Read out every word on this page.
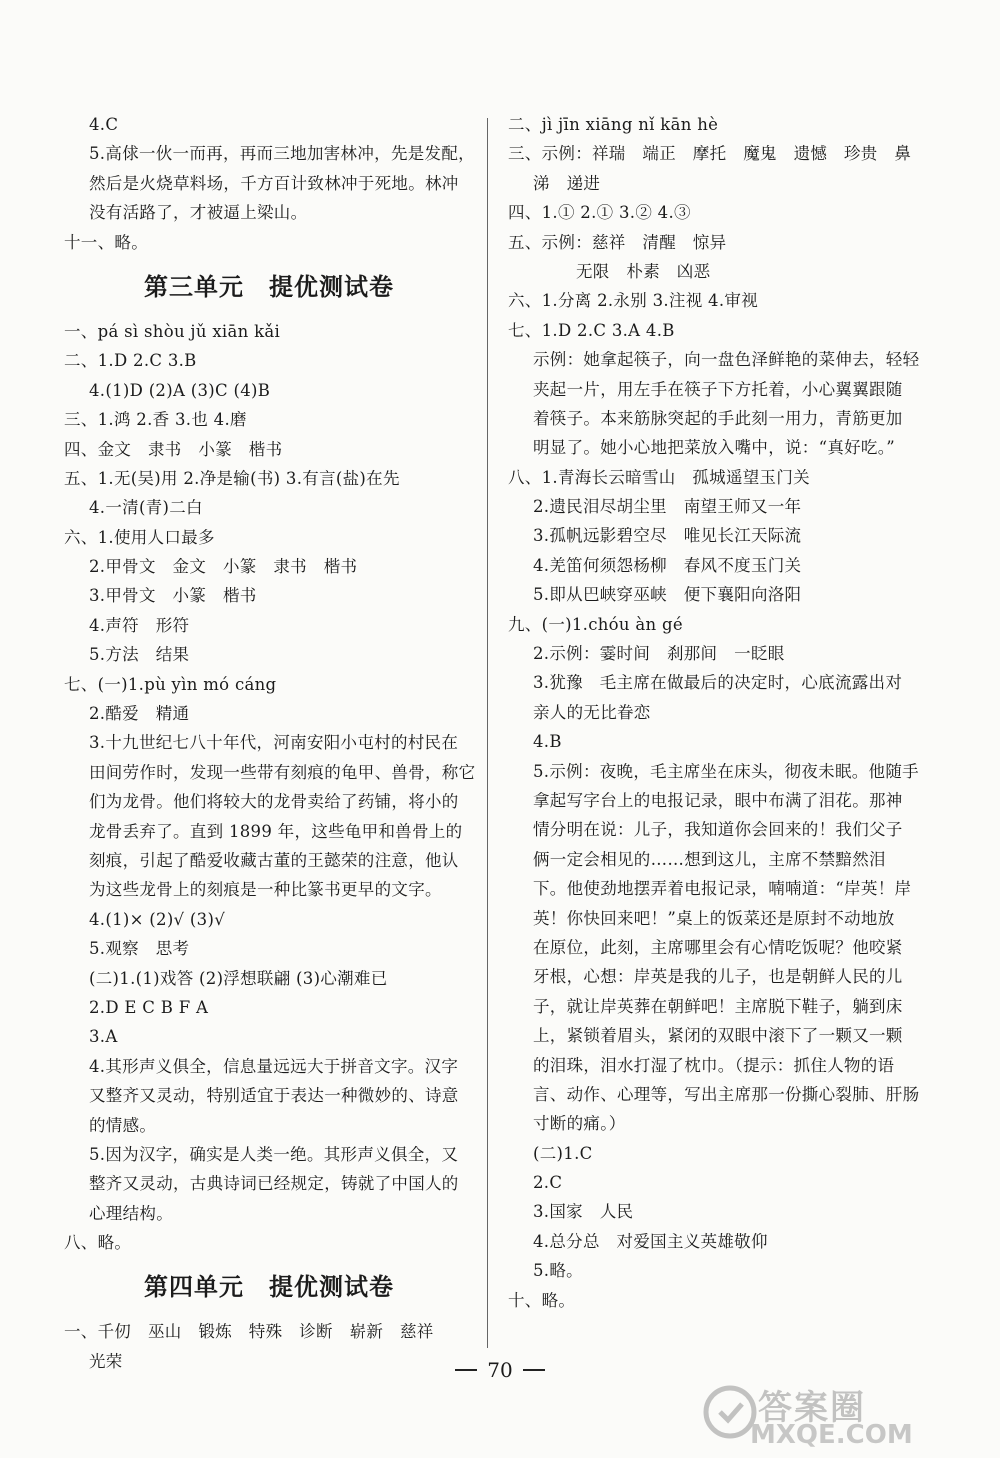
4.C
5.高俅一伙一而再，再而三地加害林冲，先是发配，
然后是火烧草料场，千方百计致林冲于死地。林冲
没有活路了，才被逼上梁山。
十一、略。
第三单元　提优测试卷
一、pá sì shòu jǔ xiān kǎi
二、1.D 2.C 3.B
4.(1)D (2)A (3)C (4)B
三、1.鸿 2.香 3.也 4.磨
四、金文　隶书　小篆　楷书
五、1.无(吴)用 2.净是输(书) 3.有言(盐)在先
4.一清(青)二白
六、1.使用人口最多
2.甲骨文　金文　小篆　隶书　楷书
3.甲骨文　小篆　楷书
4.声符　形符
5.方法　结果
七、(一)1.pù yìn mó cáng
2.酷爱　精通
3.十九世纪七八十年代，河南安阳小屯村的村民在
田间劳作时，发现一些带有刻痕的龟甲、兽骨，称它
们为龙骨。他们将较大的龙骨卖给了药铺，将小的
龙骨丢弃了。直到 1899 年，这些龟甲和兽骨上的
刻痕，引起了酷爱收藏古董的王懿荣的注意，他认
为这些龙骨上的刻痕是一种比篆书更早的文字。
4.(1)× (2)√ (3)√
5.观察　思考
(二)1.(1)戏答 (2)浮想联翩 (3)心潮难已
2.D E C B F A
3.A
4.其形声义俱全，信息量远远大于拼音文字。汉字
又整齐又灵动，特别适宜于表达一种微妙的、诗意
的情感。
5.因为汉字，确实是人类一绝。其形声义俱全，又
整齐又灵动，古典诗词已经规定，铸就了中国人的
心理结构。
八、略。
第四单元　提优测试卷
一、千仞　巫山　锻炼　特殊　诊断　崭新　慈祥
光荣
二、jì jīn xiāng nǐ kān hè
三、示例：祥瑞　端正　摩托　魔鬼　遗憾　珍贵　鼻
涕　递进
四、1.① 2.① 3.② 4.③
五、示例：慈祥　清醒　惊异
无限　朴素　凶恶
六、1.分离 2.永别 3.注视 4.审视
七、1.D 2.C 3.A 4.B
示例：她拿起筷子，向一盘色泽鲜艳的菜伸去，轻轻
夹起一片，用左手在筷子下方托着，小心翼翼跟随
着筷子。本来筋脉突起的手此刻一用力，青筋更加
明显了。她小心地把菜放入嘴中，说：“真好吃。”
八、1.青海长云暗雪山　孤城遥望玉门关
2.遗民泪尽胡尘里　南望王师又一年
3.孤帆远影碧空尽　唯见长江天际流
4.羌笛何须怨杨柳　春风不度玉门关
5.即从巴峡穿巫峡　便下襄阳向洛阳
九、(一)1.chóu àn gé
2.示例：霎时间　刹那间　一眨眼
3.犹豫　毛主席在做最后的决定时，心底流露出对
亲人的无比眷恋
4.B
5.示例：夜晚，毛主席坐在床头，彻夜未眠。他随手
拿起写字台上的电报记录，眼中布满了泪花。那神
情分明在说：儿子，我知道你会回来的！我们父子
俩一定会相见的……想到这儿，主席不禁黯然泪
下。他使劲地摆弄着电报记录，喃喃道：“岸英！岸
英！你快回来吧！”桌上的饭菜还是原封不动地放
在原位，此刻，主席哪里会有心情吃饭呢？他咬紧
牙根，心想：岸英是我的儿子，也是朝鲜人民的儿
子，就让岸英葬在朝鲜吧！主席脱下鞋子，躺到床
上，紧锁着眉头，紧闭的双眼中滚下了一颗又一颗
的泪珠，泪水打湿了枕巾。（提示：抓住人物的语
言、动作、心理等，写出主席那一份撕心裂肺、肝肠
寸断的痛。）
(二)1.C
2.C
3.国家　人民
4.总分总　对爱国主义英雄敬仰
5.略。
十、略。
70
答案圈
MXQE.COM
